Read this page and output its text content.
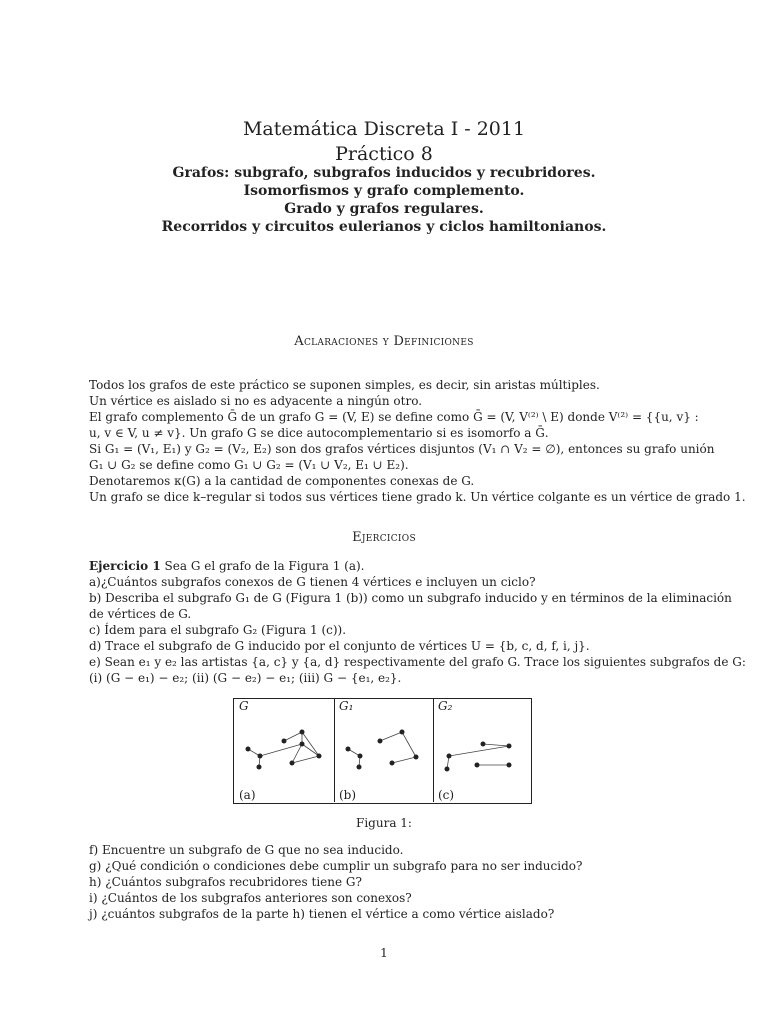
Matemática Discreta I - 2011
Práctico 8
Grafos: subgrafo, subgrafos inducidos y recubridores.
Isomorfismos y grafo complemento.
Grado y grafos regulares.
Recorridos y circuitos eulerianos y ciclos hamiltonianos.
Aclaraciones y Definiciones
Todos los grafos de este práctico se suponen simples, es decir, sin aristas múltiples.
Un vértice es aislado si no es adyacente a ningún otro.
El grafo complemento Ḡ de un grafo G = (V, E) se define como Ḡ = (V, V⁽²⁾ \ E) donde V⁽²⁾ = {{u, v} :
u, v ∈ V, u ≠ v}. Un grafo G se dice autocomplementario si es isomorfo a Ḡ.
Si G₁ = (V₁, E₁) y G₂ = (V₂, E₂) son dos grafos vértices disjuntos (V₁ ∩ V₂ = ∅), entonces su grafo unión
G₁ ∪ G₂ se define como G₁ ∪ G₂ = (V₁ ∪ V₂, E₁ ∪ E₂).
Denotaremos κ(G) a la cantidad de componentes conexas de G.
Un grafo se dice k–regular si todos sus vértices tiene grado k. Un vértice colgante es un vértice de grado 1.
Ejercicios
Ejercicio 1 Sea G el grafo de la Figura 1 (a).
a)¿Cuántos subgrafos conexos de G tienen 4 vértices e incluyen un ciclo?
b) Describa el subgrafo G₁ de G (Figura 1 (b)) como un subgrafo inducido y en términos de la eliminación
de vértices de G.
c) Ídem para el subgrafo G₂ (Figura 1 (c)).
d) Trace el subgrafo de G inducido por el conjunto de vértices U = {b, c, d, f, i, j}.
e) Sean e₁ y e₂ las artistas {a, c} y {a, d} respectivamente del grafo G. Trace los siguientes subgrafos de G:
(i) (G − e₁) − e₂; (ii) (G − e₂) − e₁; (iii) G − {e₁, e₂}.
G
(a)
G₁
(b)
G₂
(c)
Figura 1:
f) Encuentre un subgrafo de G que no sea inducido.
g) ¿Qué condición o condiciones debe cumplir un subgrafo para no ser inducido?
h) ¿Cuántos subgrafos recubridores tiene G?
i) ¿Cuántos de los subgrafos anteriores son conexos?
j) ¿cuántos subgrafos de la parte h) tienen el vértice a como vértice aislado?
1
